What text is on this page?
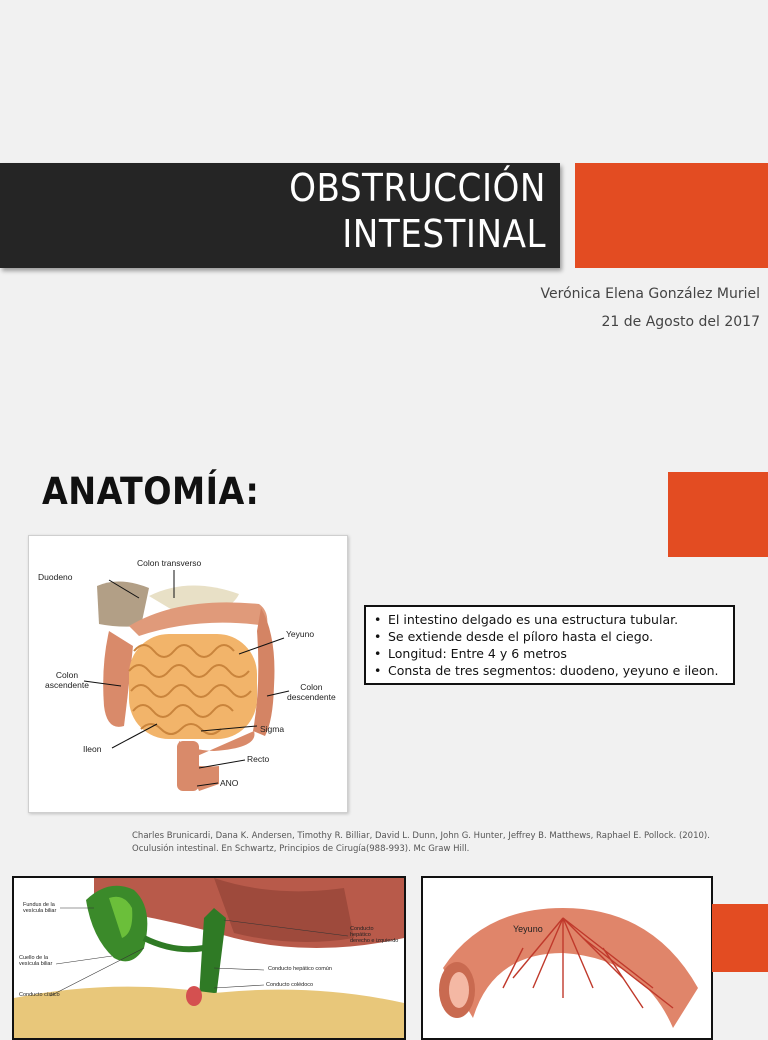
OBSTRUCCIÓN
INTESTINAL
Verónica Elena González Muriel
21 de Agosto del 2017
ANATOMÍA:
Colon transverso
Duodeno
Yeyuno
Colon
ascendente	Colon
descendente
Sigma
Ileon
Recto
ANO
• El intestino delgado es una estructura tubular.
• Se extiende desde el píloro hasta el ciego.
• Longitud: Entre 4 y 6 metros
• Consta de tres segmentos: duodeno, yeyuno e ileon.
Charles Brunicardi, Dana K. Andersen, Timothy R. Billiar, David L. Dunn, John G. Hunter, Jeffrey B. Matthews, Raphael E. Pollock. (2010).
Oculusión intestinal. En Schwartz, Principios de Cirugía(988-993). Mc Graw Hill.
Fundus de la
vesícula biliar
Cuello de la
vesícula biliar
Conducto cístico
Conducto
hepático
derecho e izquierdo
Conducto hepático común
Conducto colédoco
Yeyuno
